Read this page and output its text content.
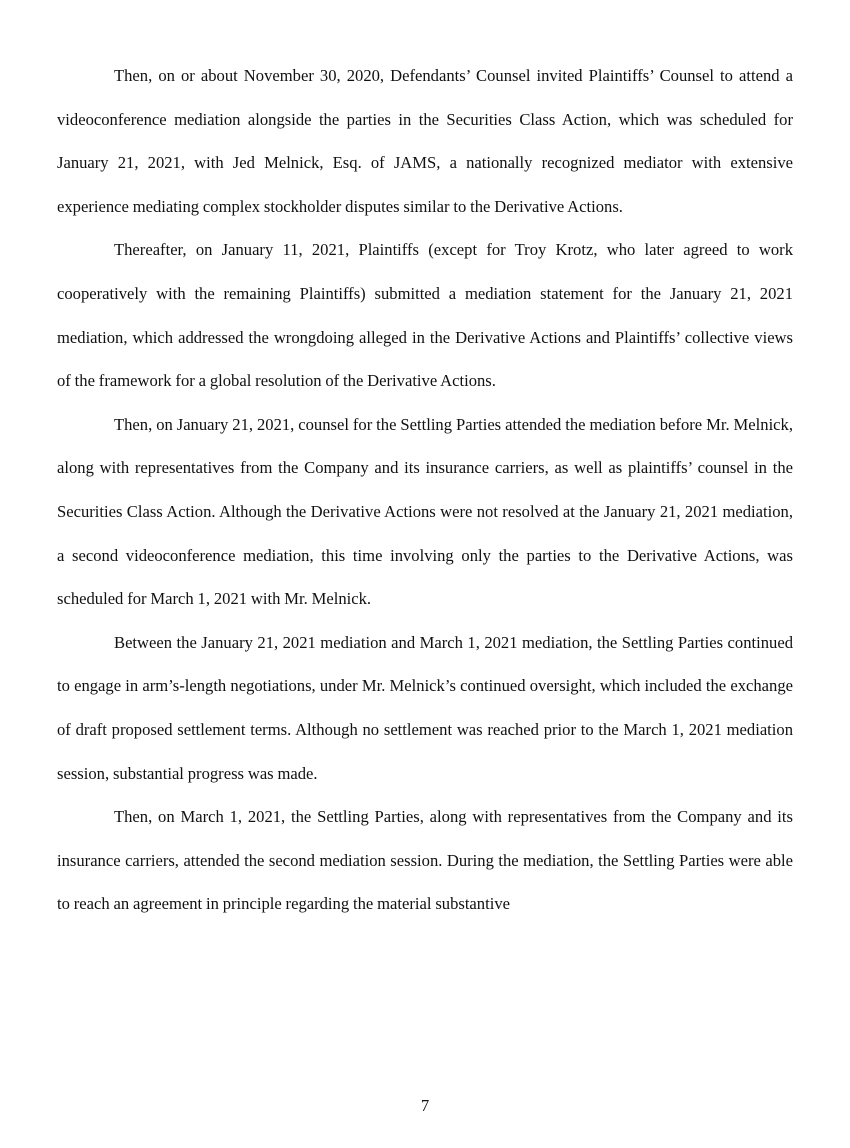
Then, on or about November 30, 2020, Defendants’ Counsel invited Plaintiffs’ Counsel to attend a videoconference mediation alongside the parties in the Securities Class Action, which was scheduled for January 21, 2021, with Jed Melnick, Esq. of JAMS, a nationally recognized mediator with extensive experience mediating complex stockholder disputes similar to the Derivative Actions.

Thereafter, on January 11, 2021, Plaintiffs (except for Troy Krotz, who later agreed to work cooperatively with the remaining Plaintiffs) submitted a mediation statement for the January 21, 2021 mediation, which addressed the wrongdoing alleged in the Derivative Actions and Plaintiffs’ collective views of the framework for a global resolution of the Derivative Actions.

Then, on January 21, 2021, counsel for the Settling Parties attended the mediation before Mr. Melnick, along with representatives from the Company and its insurance carriers, as well as plaintiffs’ counsel in the Securities Class Action. Although the Derivative Actions were not resolved at the January 21, 2021 mediation, a second videoconference mediation, this time involving only the parties to the Derivative Actions, was scheduled for March 1, 2021 with Mr. Melnick.

Between the January 21, 2021 mediation and March 1, 2021 mediation, the Settling Parties continued to engage in arm’s-length negotiations, under Mr. Melnick’s continued oversight, which included the exchange of draft proposed settlement terms. Although no settlement was reached prior to the March 1, 2021 mediation session, substantial progress was made.

Then, on March 1, 2021, the Settling Parties, along with representatives from the Company and its insurance carriers, attended the second mediation session. During the mediation, the Settling Parties were able to reach an agreement in principle regarding the material substantive

7
